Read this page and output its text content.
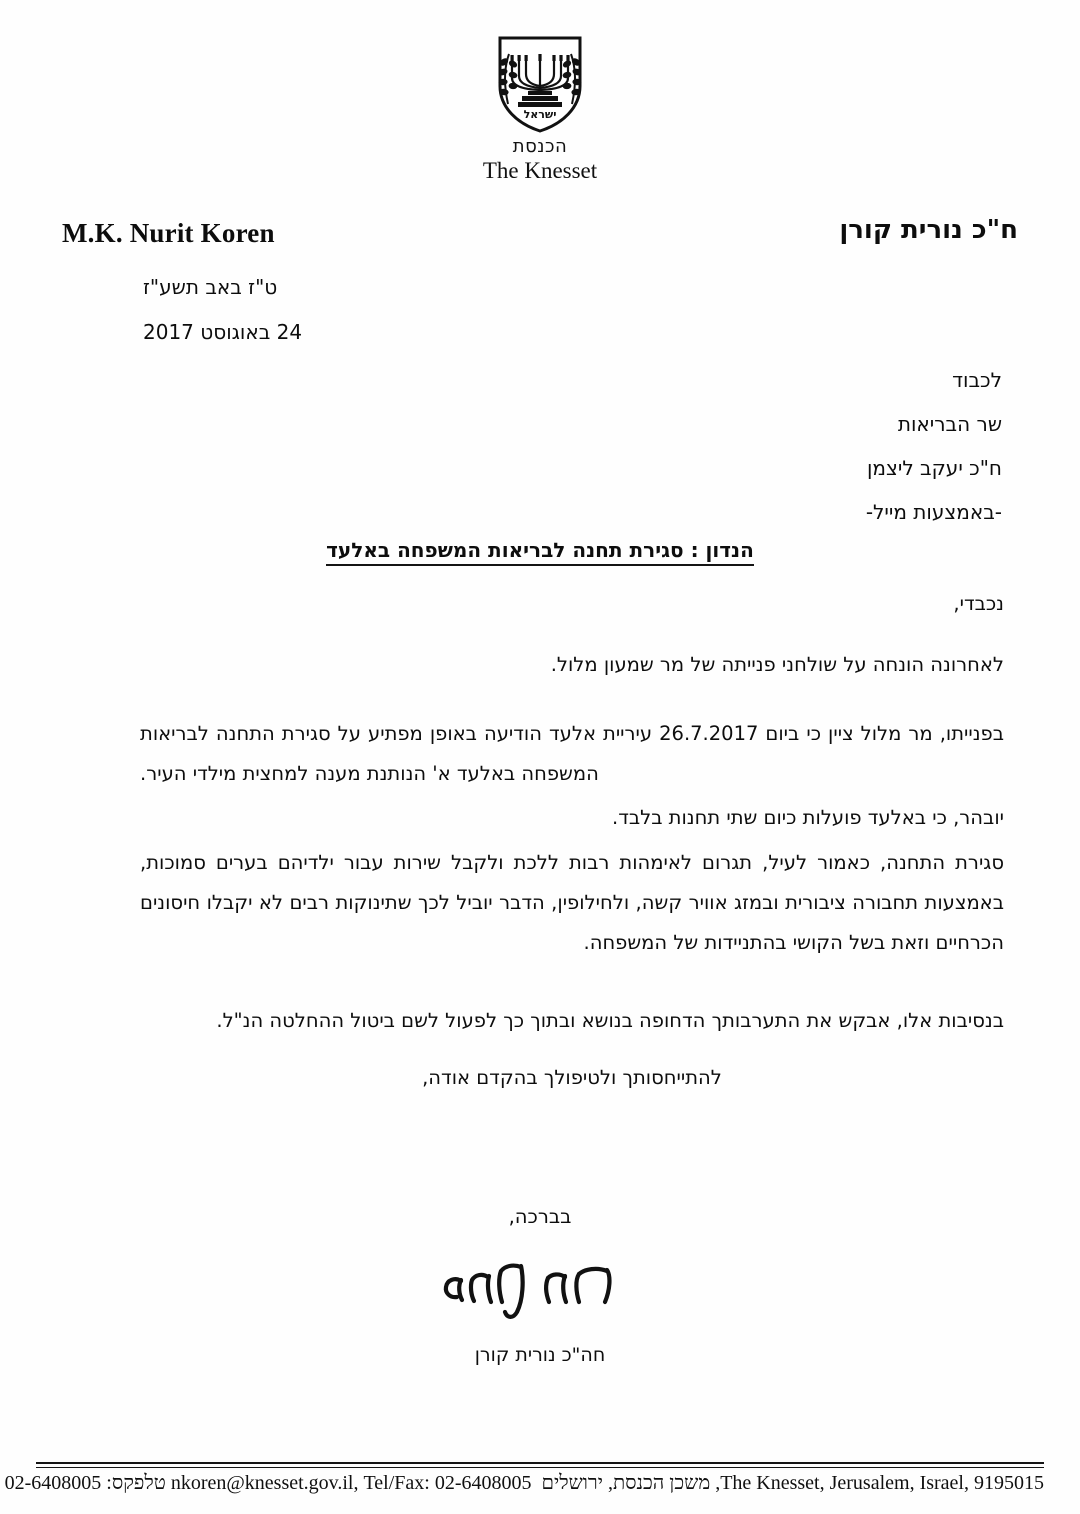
ישראל
הכנסת
The Knesset
M.K. Nurit Koren	ח"כ נורית קורן
ט"ז באב תשע"ז
24 באוגוסט 2017
לכבוד
שר הבריאות
ח"כ יעקב ליצמן
-באמצעות מייל-
הנדון : סגירת תחנה לבריאות המשפחה באלעד

נכבדי,

לאחרונה הונחה על שולחני פנייתה של מר שמעון מלול.

בפנייתו, מר מלול ציין כי ביום 26.7.2017 עיריית אלעד הודיעה באופן מפתיע על סגירת התחנה לבריאות המשפחה באלעד א' הנותנת מענה למחצית מילדי העיר.

יובהר, כי באלעד פועלות כיום שתי תחנות בלבד.

סגירת התחנה, כאמור לעיל, תגרום לאימהות רבות ללכת ולקבל שירות עבור ילדיהם בערים סמוכות, באמצעות תחבורה ציבורית ובמזג אוויר קשה, ולחילופין, הדבר יוביל לכך שתינוקות רבים לא יקבלו חיסונים הכרחיים וזאת בשל הקושי בהתניידות של המשפחה.

בנסיבות אלו, אבקש את התערבותך הדחופה בנושא ובתוך כך לפעול לשם ביטול ההחלטה הנ"ל.

להתייחסותך ולטיפולך בהקדם אודה,

בברכה,
חה"כ נורית קורן
The Knesset, Jerusalem, Israel, 9195015, משכן הכנסת, ירושלים  nkoren@knesset.gov.il, Tel/Fax: 02-6408005 טלפקס: 02-6408005
